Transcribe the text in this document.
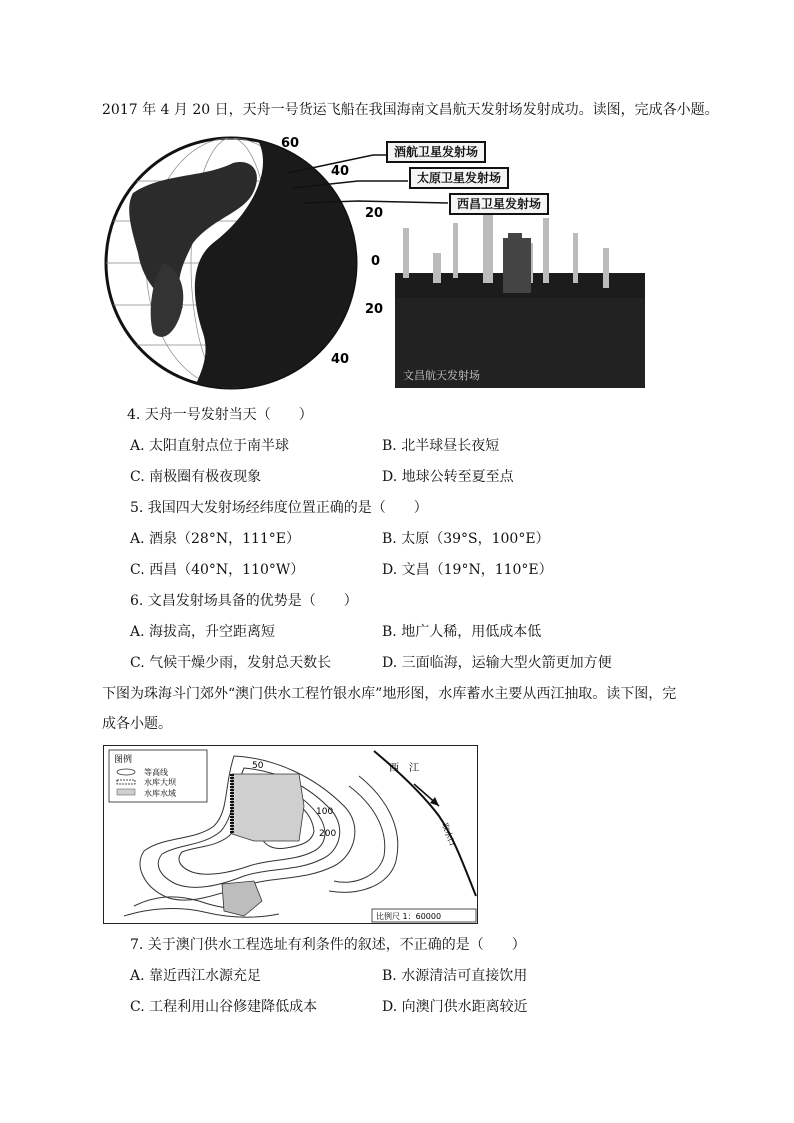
2017 年 4 月 20 日，天舟一号货运飞船在我国海南文昌航天发射场发射成功。读图，完成各小题。
60
40
20
0
20
40
文昌航天发射场
酒航卫星发射场
太原卫星发射场
西昌卫星发射场
4. 天舟一号发射当天（　　）
A. 太阳直射点位于南半球	B. 北半球昼长夜短
C. 南极圈有极夜现象	D. 地球公转至夏至点
5. 我国四大发射场经纬度位置正确的是（　　）
A. 酒泉（28°N，111°E）	B. 太原（39°S，100°E）
C. 西昌（40°N，110°W）	D. 文昌（19°N，110°E）
6. 文昌发射场具备的优势是（　　）
A. 海拔高，升空距离短	B. 地广人稀，用低成本低
C. 气候干燥少雨，发射总天数长	D. 三面临海，运输大型火箭更加方便
下图为珠海斗门郊外“澳门供水工程竹银水库”地形图，水库蓄水主要从西江抽取。读下图，完
成各小题。
50
100
200
西　江
取水口
图例
等高线
水库大坝
水库水域
比例尺 1：60000
7. 关于澳门供水工程选址有利条件的叙述，不正确的是（　　）
A. 靠近西江水源充足	B. 水源清洁可直接饮用
C. 工程利用山谷修建降低成本	D. 向澳门供水距离较近
